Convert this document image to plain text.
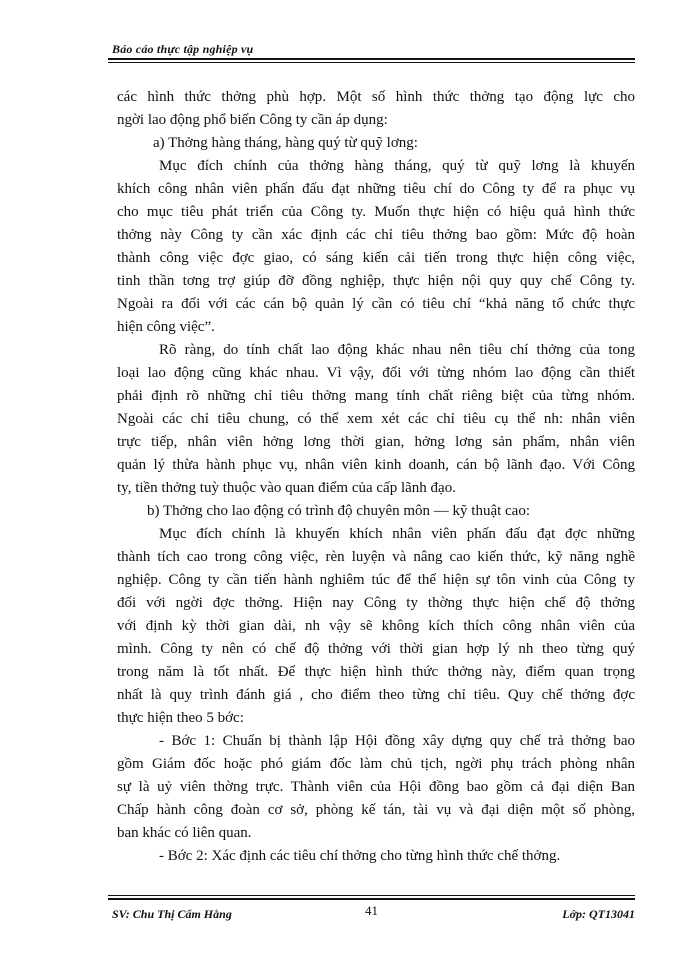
Báo cáo thực tập nghiệp vụ
các hình thức thởng phù hợp. Một số hình thức thởng tạo động lực cho
ngời lao động phổ biến Công ty cần áp dụng:
a) Thởng hàng tháng, hàng quý từ quỹ lơng:
Mục đích chính của thởng hàng tháng, quý từ quỹ lơng là khuyến
khích công nhân viên phấn đấu đạt những tiêu chí do Công ty để ra phục vụ
cho mục tiêu phát triển của Công ty. Muốn thực hiện có hiệu quả hình thức
thởng này Công ty cần xác định các chỉ tiêu thởng bao gồm: Mức độ hoàn
thành công việc đợc giao, có sáng kiến cải tiến trong thực hiện công việc,
tinh thần tơng trợ giúp đỡ đồng nghiệp, thực hiện nội quy quy chế Công ty.
Ngoài ra đối với các cán bộ quản lý cần có tiêu chí “khả năng tổ chức thực
hiện công việc”.
Rõ ràng, do tính chất lao động khác nhau nên tiêu chí thởng của tong
loại lao động cũng khác nhau. Vì vậy, đối với từng nhóm lao động cần thiết
phải định rõ những chỉ tiêu thởng mang tính chất riêng biệt của từng nhóm.
Ngoài các chỉ tiêu chung, có thể xem xét các chỉ tiêu cụ thể nh: nhân viên
trực tiếp, nhân viên hởng lơng thời gian, hởng lơng sản phẩm, nhân viên
quản lý thừa hành phục vụ, nhân viên kinh doanh, cán bộ lãnh đạo. Với Công
ty, tiền thởng tuỳ thuộc vào quan điểm của cấp lãnh đạo.
b) Thởng cho lao động có trình độ chuyên môn — kỹ thuật cao:
Mục đích chính là khuyến khích nhân viên phấn đấu đạt đợc những
thành tích cao trong công việc, rèn luyện và nâng cao kiến thức, kỹ năng nghề
nghiệp. Công ty cần tiến hành nghiêm túc để thể hiện sự tôn vinh của Công ty
đối với ngời đợc thởng. Hiện nay Công ty thờng thực hiện chế độ thởng
với định kỳ thời gian dài, nh vậy sẽ không kích thích công nhân viên của
mình. Công ty nên có chế độ thởng với thời gian hợp lý nh theo từng quý
trong năm là tốt nhất. Để thực hiện hình thức thởng này, điểm quan trọng
nhất là quy trình đánh giá , cho điểm theo từng chỉ tiêu. Quy chế thởng đợc
thực hiện theo 5 bớc:
- Bớc 1: Chuẩn bị thành lập Hội đồng xây dựng quy chế trả thởng bao
gồm Giám đốc hoặc phó giám đốc làm chủ tịch, ngời phụ trách phòng nhân
sự là uỷ viên thờng trực. Thành viên của Hội đồng bao gồm cả đại diện Ban
Chấp hành công đoàn cơ sở, phòng kế tán, tài vụ và đại diện một số phòng,
ban khác có liên quan.
- Bớc 2: Xác định các tiêu chí thởng cho từng hình thức chế thởng.
SV: Chu Thị Cẩm Hằng	41	Lớp: QT13041
